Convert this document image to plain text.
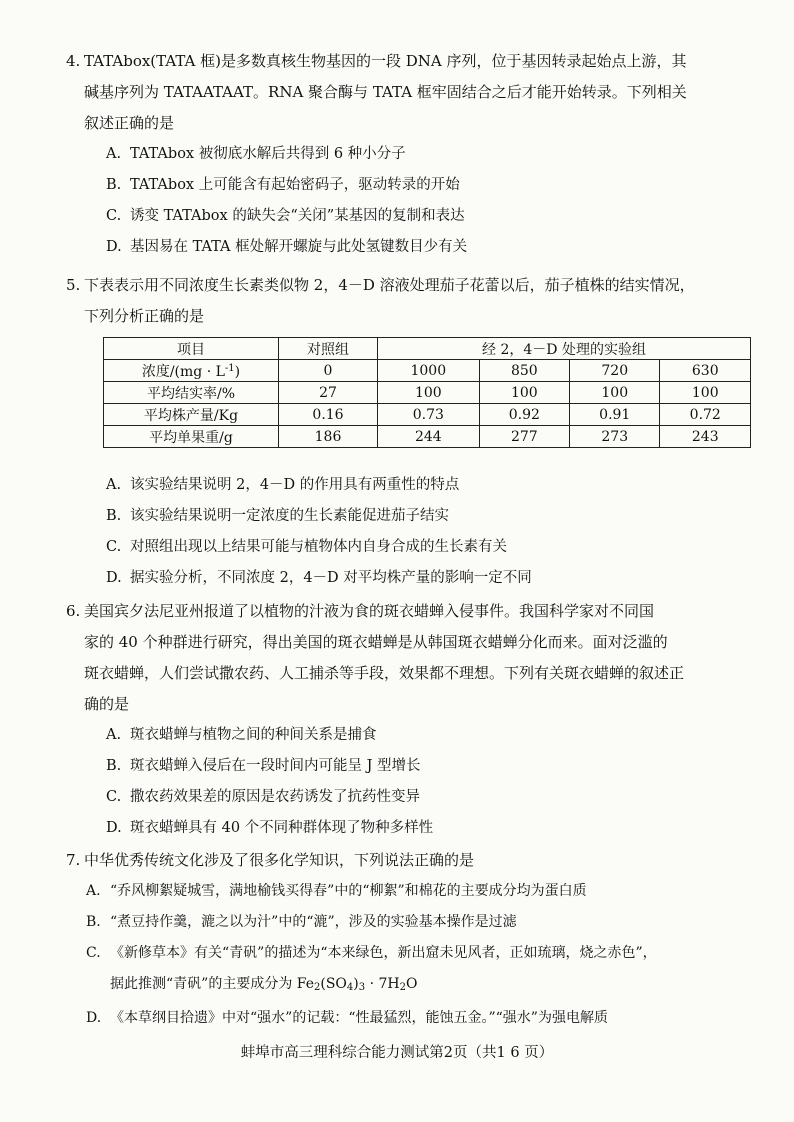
4. TATAbox(TATA 框)是多数真核生物基因的一段 DNA 序列，位于基因转录起始点上游，其
碱基序列为 TATAATAAT。RNA 聚合酶与 TATA 框牢固结合之后才能开始转录。下列相关
叙述正确的是
A. TATAbox 被彻底水解后共得到 6 种小分子
B. TATAbox 上可能含有起始密码子，驱动转录的开始
C. 诱变 TATAbox 的缺失会“关闭”某基因的复制和表达
D. 基因易在 TATA 框处解开螺旋与此处氢键数目少有关
5. 下表表示用不同浓度生长素类似物 2，4－D 溶液处理茄子花蕾以后，茄子植株的结实情况，
下列分析正确的是
项目	对照组	经 2，4－D 处理的实验组			
浓度$/(mg \cdot L^{-1})$	0	1000	850	720	630
平均结实率/%	27	100	100	100	100
平均株产量/Kg	0.16	0.73	0.92	0.91	0.72
平均单果重/g	186	244	277	273	243
A. 该实验结果说明 2，4－D 的作用具有两重性的特点
B. 该实验结果说明一定浓度的生长素能促进茄子结实
C. 对照组出现以上结果可能与植物体内自身合成的生长素有关
D. 据实验分析，不同浓度 2，4－D 对平均株产量的影响一定不同
6. 美国宾夕法尼亚州报道了以植物的汁液为食的斑衣蜡蝉入侵事件。我国科学家对不同国
家的 40 个种群进行研究，得出美国的斑衣蜡蝉是从韩国斑衣蜡蝉分化而来。面对泛滥的
斑衣蜡蝉，人们尝试撒农药、人工捕杀等手段，效果都不理想。下列有关斑衣蜡蝉的叙述正
确的是
A. 斑衣蜡蝉与植物之间的种间关系是捕食
B. 斑衣蜡蝉入侵后在一段时间内可能呈 J 型增长
C. 撒农药效果差的原因是农药诱发了抗药性变异
D. 斑衣蜡蝉具有 40 个不同种群体现了物种多样性
7. 中华优秀传统文化涉及了很多化学知识，下列说法正确的是
A. “乔风柳絮疑城雪，满地榆钱买得春”中的“柳絮”和棉花的主要成分均为蛋白质
B. “煮豆持作羹，漉之以为汁”中的“漉”，涉及的实验基本操作是过滤
C. 《新修草本》有关“青矾”的描述为“本来绿色，新出窟未见风者，正如琉璃，烧之赤色”，
据此推测“青矾”的主要成分为 $Fe_2(SO_4)_3 \cdot 7H_2O$
D. 《本草纲目拾遗》中对“强水”的记载：“性最猛烈，能蚀五金。”“强水”为强电解质
蚌埠市高三理科综合能力测试第2页（共1 6 页）
